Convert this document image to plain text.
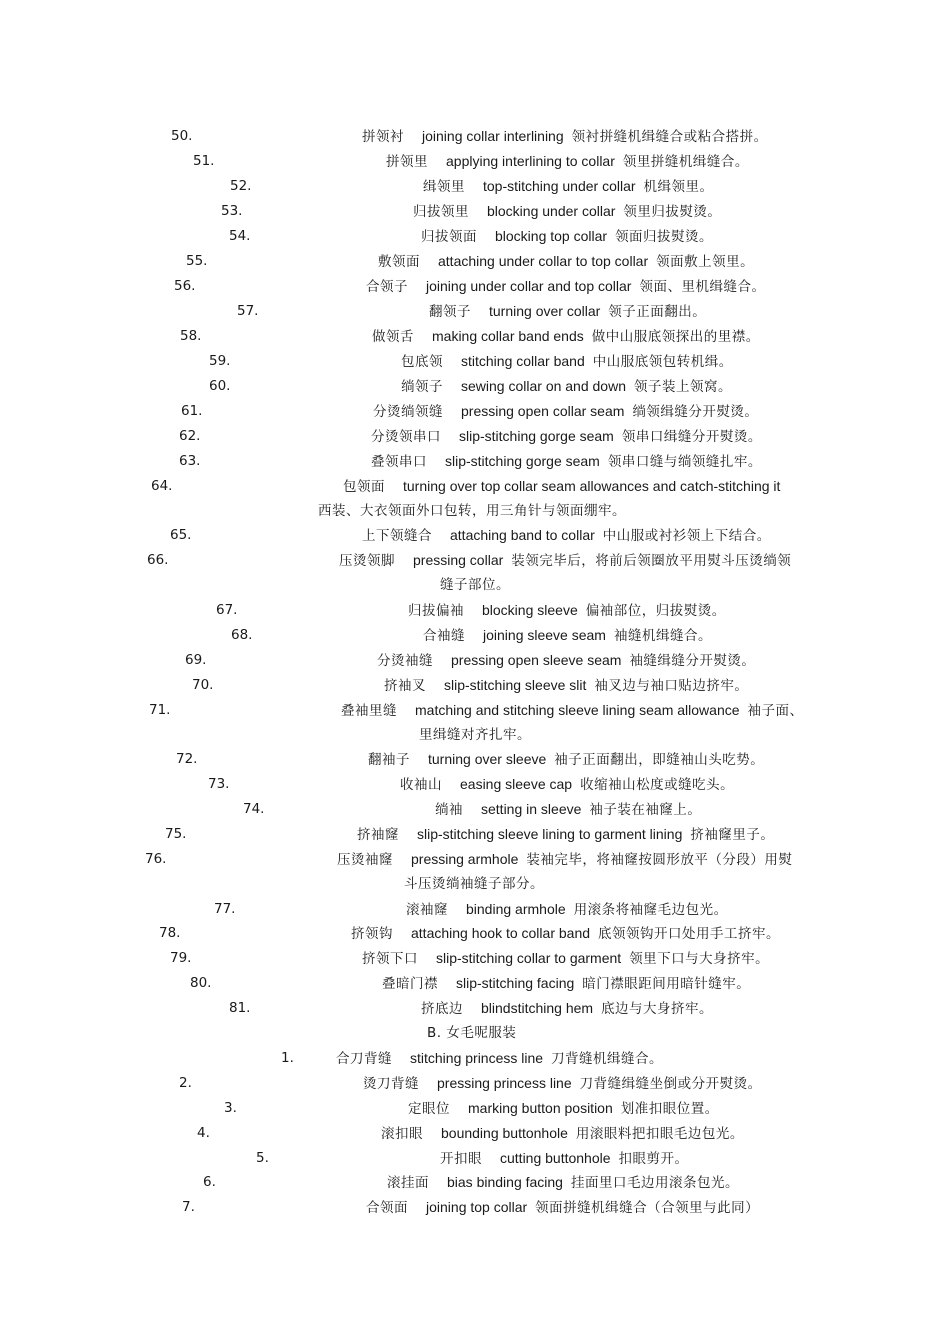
50.	拼领衬 joining collar interlining 领衬拼缝机缉缝合或粘合搭拼。
51.	拼领里 applying interlining to collar 领里拼缝机缉缝合。
52.	缉领里 top-stitching under collar 机缉领里。
53.	归拔领里 blocking under collar 领里归拔熨烫。
54.	归拔领面 blocking top collar 领面归拔熨烫。
55.	敷领面 attaching under collar to top collar 领面敷上领里。
56.	合领子 joining under collar and top collar 领面、里机缉缝合。
57.	翻领子 turning over collar 领子正面翻出。
58.	做领舌 making collar band ends 做中山服底领探出的里襟。
59.	包底领 stitching collar band 中山服底领包转机缉。
60.	绱领子 sewing collar on and down 领子装上领窝。
61.	分烫绱领缝 pressing open collar seam 绱领缉缝分开熨烫。
62.	分烫领串口 slip-stitching gorge seam 领串口缉缝分开熨烫。
63.	叠领串口 slip-stitching gorge seam 领串口缝与绱领缝扎牢。
64.	包领面 turning over top collar seam allowances and catch-stitching it
西装、大衣领面外口包转，用三角针与领面绷牢。
65.	上下领缝合 attaching band to collar 中山服或衬衫领上下结合。
66.	压烫领脚 pressing collar 装领完毕后，将前后领圈放平用熨斗压烫绱领
缝子部位。
67.	归拔偏袖 blocking sleeve 偏袖部位，归拔熨烫。
68.	合袖缝 joining sleeve seam 袖缝机缉缝合。
69.	分烫袖缝 pressing open sleeve seam 袖缝缉缝分开熨烫。
70.	挤袖叉 slip-stitching sleeve slit 袖叉边与袖口贴边挤牢。
71.	叠袖里缝 matching and stitching sleeve lining seam allowance 袖子面、
里缉缝对齐扎牢。
72.	翻袖子 turning over sleeve 袖子正面翻出，即缝袖山头吃势。
73.	收袖山 easing sleeve cap 收缩袖山松度或缝吃头。
74.	绱袖 setting in sleeve 袖子装在袖窿上。
75.	挤袖窿 slip-stitching sleeve lining to garment lining 挤袖窿里子。
76.	压烫袖窿 pressing armhole 装袖完毕，将袖窿按圆形放平（分段）用熨
斗压烫绱袖缝子部分。
77.	滚袖窿 binding armhole 用滚条将袖窿毛边包光。
78.	挤领钩 attaching hook to collar band 底领领钩开口处用手工挤牢。
79.	挤领下口 slip-stitching collar to garment 领里下口与大身挤牢。
80.	叠暗门襟 slip-stitching facing 暗门襟眼距间用暗针缝牢。
81.	挤底边 blindstitching hem 底边与大身挤牢。
B. 女毛呢服装
1.	合刀背缝 stitching princess line 刀背缝机缉缝合。
2.	烫刀背缝 pressing princess line 刀背缝缉缝坐倒或分开熨烫。
3.	定眼位 marking button position 划准扣眼位置。
4.	滚扣眼 bounding buttonhole 用滚眼料把扣眼毛边包光。
5.	开扣眼 cutting buttonhole 扣眼剪开。
6.	滚挂面 bias binding facing 挂面里口毛边用滚条包光。
7.	合领面 joining top collar 领面拼缝机缉缝合（合领里与此同）
